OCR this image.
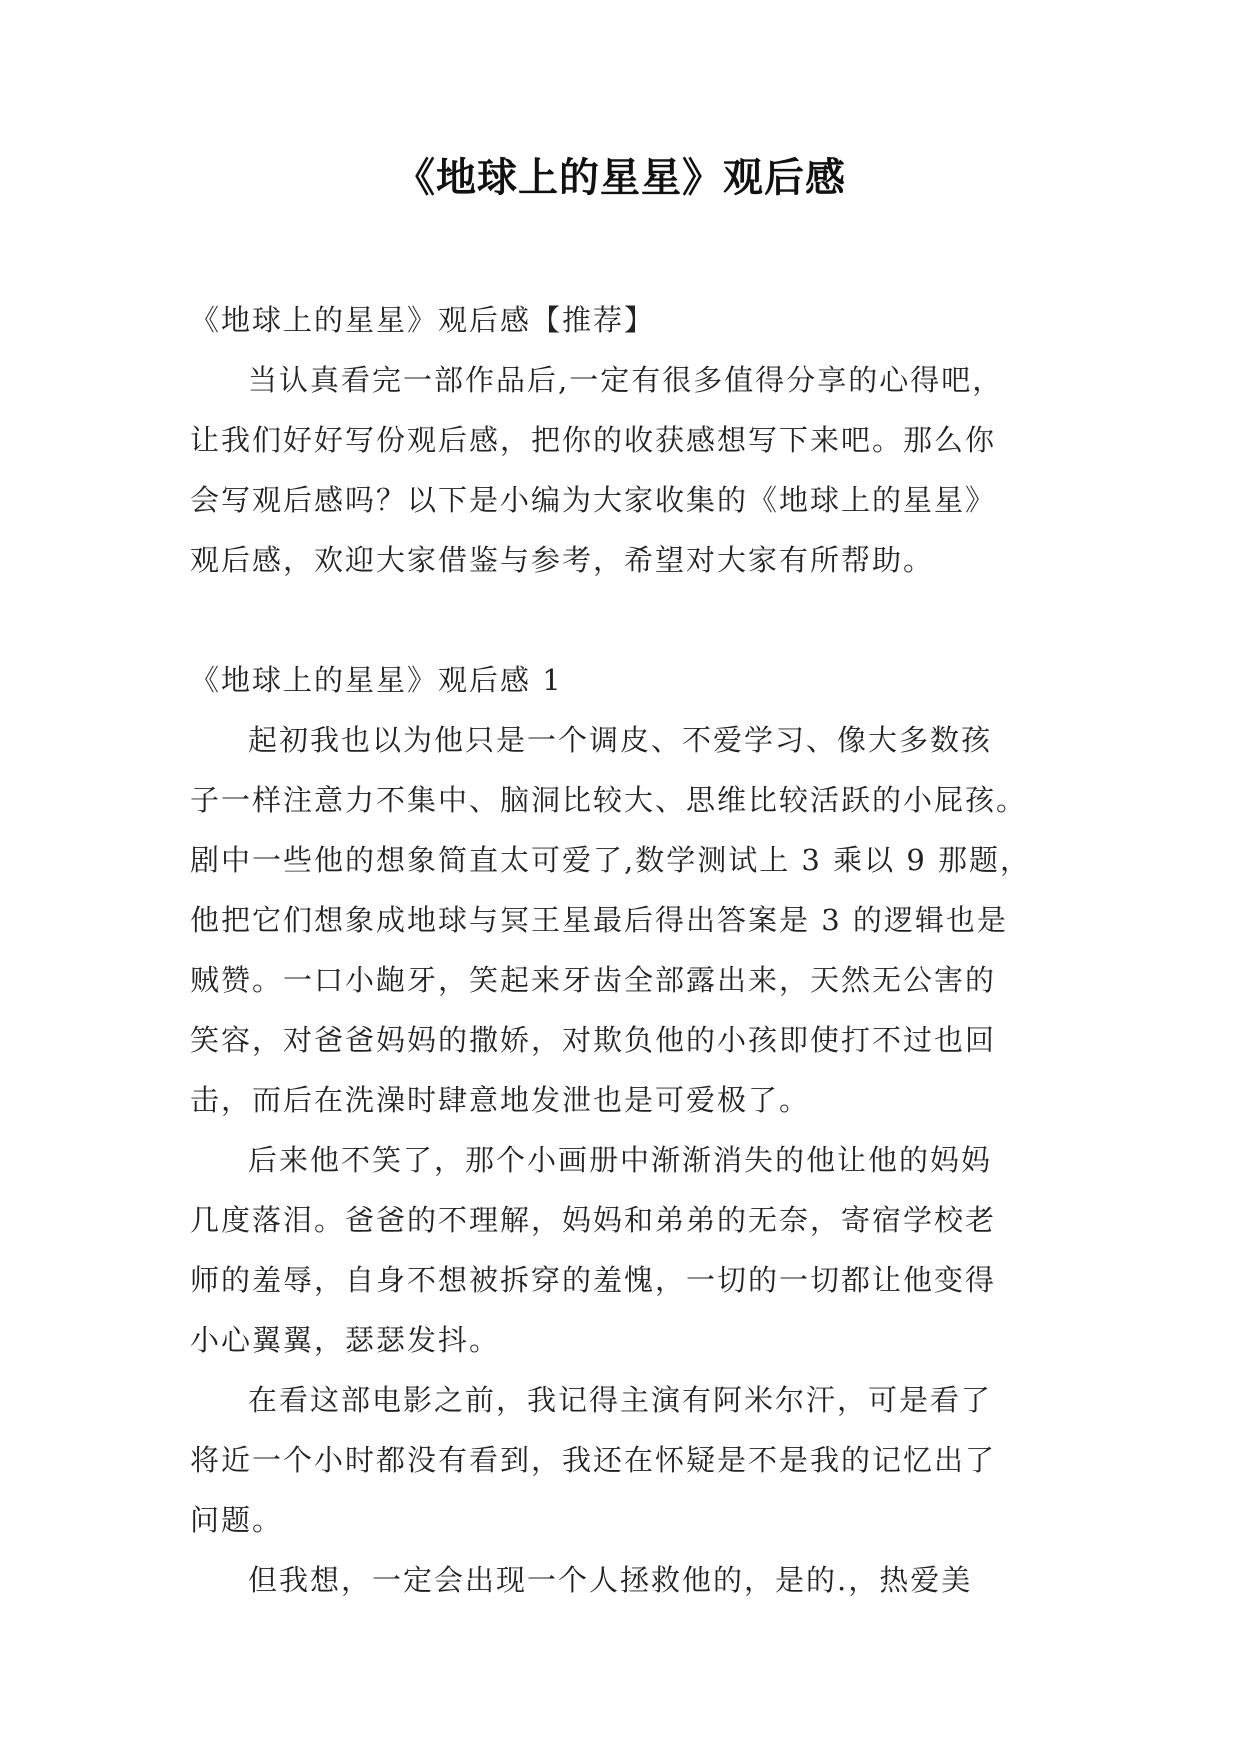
《地球上的星星》观后感

《地球上的星星》观后感【推荐】

当认真看完一部作品后,一定有很多值得分享的心得吧，
让我们好好写份观后感，把你的收获感想写下来吧。那么你
会写观后感吗？以下是小编为大家收集的《地球上的星星》
观后感，欢迎大家借鉴与参考，希望对大家有所帮助。

《地球上的星星》观后感 1

起初我也以为他只是一个调皮、不爱学习、像大多数孩
子一样注意力不集中、脑洞比较大、思维比较活跃的小屁孩。
剧中一些他的想象简直太可爱了,数学测试上 3 乘以 9 那题，
他把它们想象成地球与冥王星最后得出答案是 3 的逻辑也是
贼赞。一口小龅牙，笑起来牙齿全部露出来，天然无公害的
笑容，对爸爸妈妈的撒娇，对欺负他的小孩即使打不过也回
击，而后在洗澡时肆意地发泄也是可爱极了。

后来他不笑了，那个小画册中渐渐消失的他让他的妈妈
几度落泪。爸爸的不理解，妈妈和弟弟的无奈，寄宿学校老
师的羞辱，自身不想被拆穿的羞愧，一切的一切都让他变得
小心翼翼，瑟瑟发抖。

在看这部电影之前，我记得主演有阿米尔汗，可是看了
将近一个小时都没有看到，我还在怀疑是不是我的记忆出了
问题。

但我想，一定会出现一个人拯救他的，是的.，热爱美
